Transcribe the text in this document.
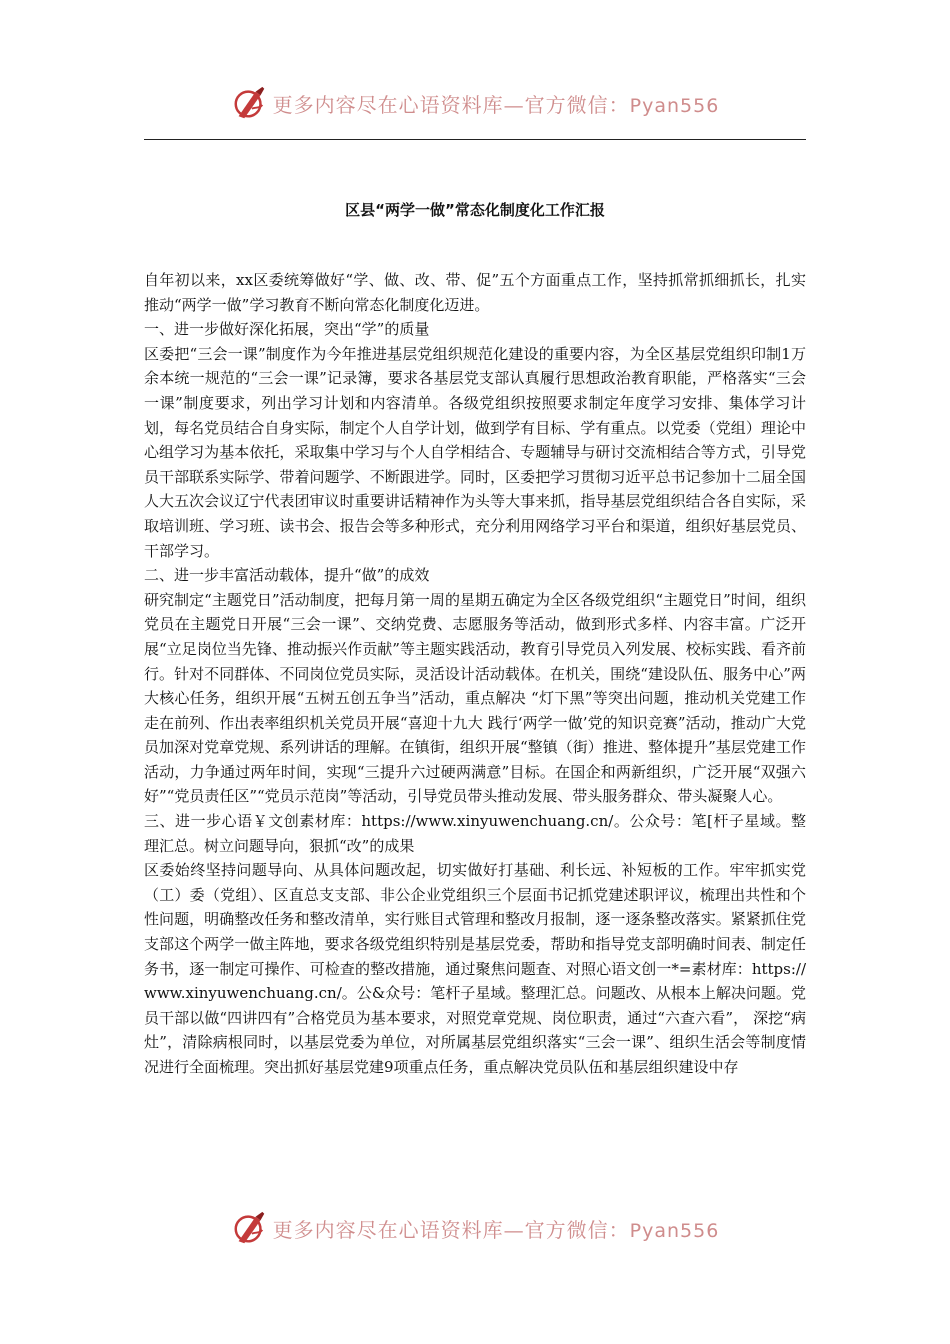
更多内容尽在心语资料库—官方微信：Pyan556
区县“两学一做”常态化制度化工作汇报

自年初以来，xx区委统筹做好“学、做、改、带、促”五个方面重点工作，坚持抓常抓细抓长，扎实推动“两学一做”学习教育不断向常态化制度化迈进。

一、进一步做好深化拓展，突出“学”的质量

区委把“三会一课”制度作为今年推进基层党组织规范化建设的重要内容，为全区基层党组织印制1万余本统一规范的“三会一课”记录簿，要求各基层党支部认真履行思想政治教育职能，严格落实“三会一课”制度要求，列出学习计划和内容清单。各级党组织按照要求制定年度学习安排、集体学习计划，每名党员结合自身实际，制定个人自学计划，做到学有目标、学有重点。以党委（党组）理论中心组学习为基本依托，采取集中学习与个人自学相结合、专题辅导与研讨交流相结合等方式，引导党员干部联系实际学、带着问题学、不断跟进学。同时，区委把学习贯彻习近平总书记参加十二届全国人大五次会议辽宁代表团审议时重要讲话精神作为头等大事来抓，指导基层党组织结合各自实际，采取培训班、学习班、读书会、报告会等多种形式，充分利用网络学习平台和渠道，组织好基层党员、干部学习。

二、进一步丰富活动载体，提升“做”的成效

研究制定“主题党日”活动制度，把每月第一周的星期五确定为全区各级党组织“主题党日”时间，组织党员在主题党日开展“三会一课”、交纳党费、志愿服务等活动，做到形式多样、内容丰富。广泛开展“立足岗位当先锋、推动振兴作贡献”等主题实践活动，教育引导党员入列发展、校标实践、看齐前行。针对不同群体、不同岗位党员实际，灵活设计活动载体。在机关，围绕“建设队伍、服务中心”两大核心任务，组织开展“五树五创五争当”活动，重点解决 “灯下黑”等突出问题，推动机关党建工作走在前列、作出表率组织机关党员开展“喜迎十九大 践行‘两学一做’党的知识竞赛”活动，推动广大党员加深对党章党规、系列讲话的理解。在镇街，组织开展“整镇（街）推进、整体提升”基层党建工作活动，力争通过两年时间，实现“三提升六过硬两满意”目标。在国企和两新组织，广泛开展“双强六好”“党员责任区”“党员示范岗”等活动，引导党员带头推动发展、带头服务群众、带头凝聚人心。

三、进一步心语￥文创素材库：https://www.xinyuwenchuang.cn/。公众号：笔[杆子星域。整理汇总。树立问题导向，狠抓“改”的成果

区委始终坚持问题导向、从具体问题改起，切实做好打基础、利长远、补短板的工作。牢牢抓实党（工）委（党组）、区直总支支部、非公企业党组织三个层面书记抓党建述职评议，梳理出共性和个性问题，明确整改任务和整改清单，实行账目式管理和整改月报制，逐一逐条整改落实。紧紧抓住党支部这个两学一做主阵地，要求各级党组织特别是基层党委，帮助和指导党支部明确时间表、制定任务书，逐一制定可操作、可检查的整改措施，通过聚焦问题查、对照心语文创一*=素材库：https://www.xinyuwenchuang.cn/。公&众号：笔杆子星域。整理汇总。问题改、从根本上解决问题。党员干部以做“四讲四有”合格党员为基本要求，对照党章党规、岗位职责，通过“六查六看”， 深挖“病灶”，清除病根同时，以基层党委为单位，对所属基层党组织落实“三会一课”、组织生活会等制度情况进行全面梳理。突出抓好基层党建9项重点任务，重点解决党员队伍和基层组织建设中存

更多内容尽在心语资料库—官方微信：Pyan556
